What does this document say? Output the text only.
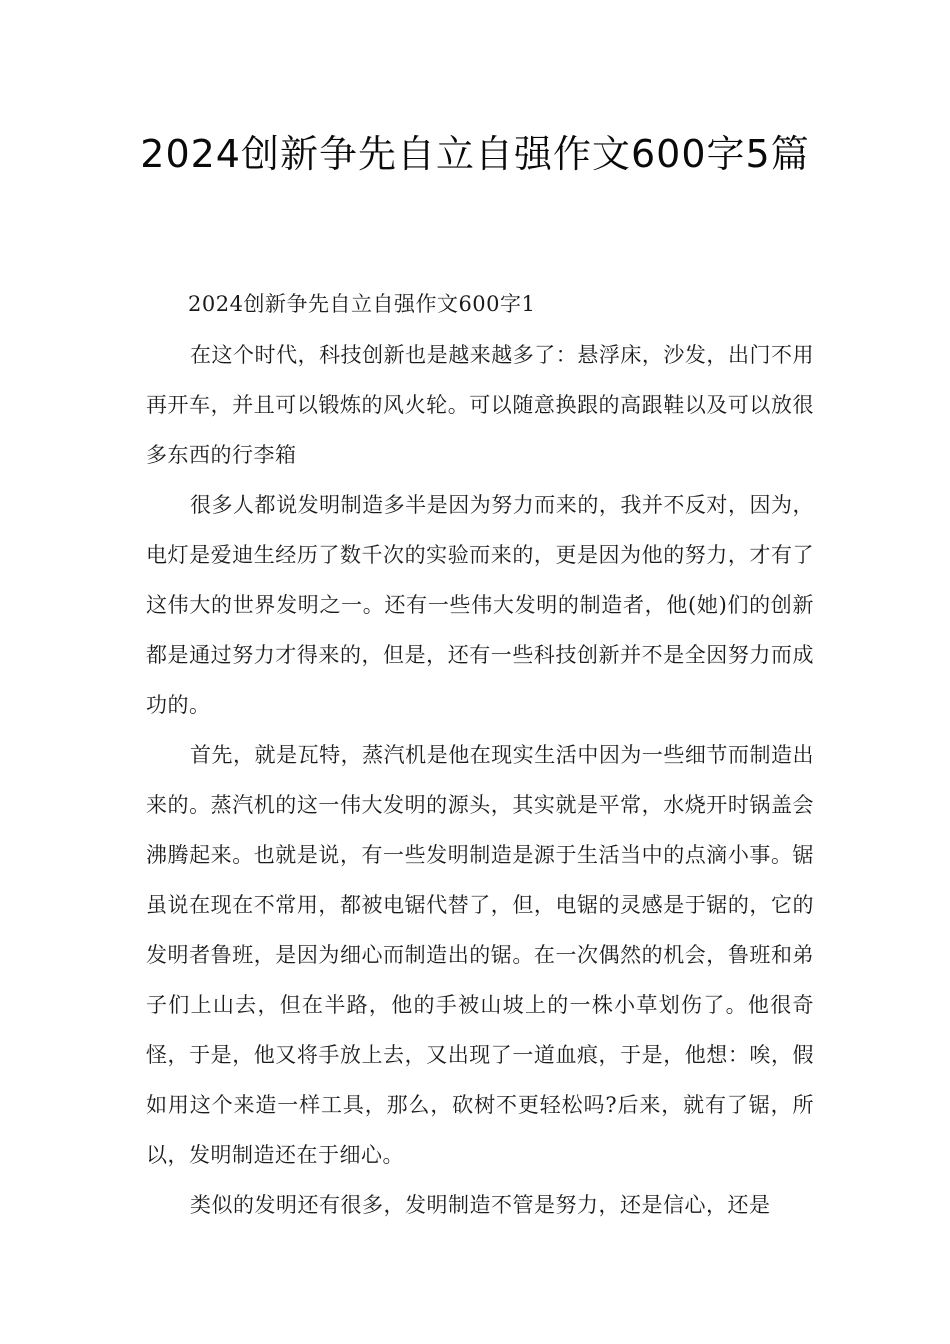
2024创新争先自立自强作文600字5篇
2024创新争先自立自强作文600字1

在这个时代，科技创新也是越来越多了：悬浮床，沙发，出门不用再开车，并且可以锻炼的风火轮。可以随意换跟的高跟鞋以及可以放很多东西的行李箱

很多人都说发明制造多半是因为努力而来的，我并不反对，因为，电灯是爱迪生经历了数千次的实验而来的，更是因为他的努力，才有了这伟大的世界发明之一。还有一些伟大发明的制造者，他(她)们的创新都是通过努力才得来的，但是，还有一些科技创新并不是全因努力而成功的。

首先，就是瓦特，蒸汽机是他在现实生活中因为一些细节而制造出来的。蒸汽机的这一伟大发明的源头，其实就是平常，水烧开时锅盖会沸腾起来。也就是说，有一些发明制造是源于生活当中的点滴小事。锯虽说在现在不常用，都被电锯代替了，但，电锯的灵感是于锯的，它的发明者鲁班，是因为细心而制造出的锯。在一次偶然的机会，鲁班和弟子们上山去，但在半路，他的手被山坡上的一株小草划伤了。他很奇怪，于是，他又将手放上去，又出现了一道血痕，于是，他想：唉，假如用这个来造一样工具，那么，砍树不更轻松吗?后来，就有了锯，所以，发明制造还在于细心。

类似的发明还有很多，发明制造不管是努力，还是信心，还是
